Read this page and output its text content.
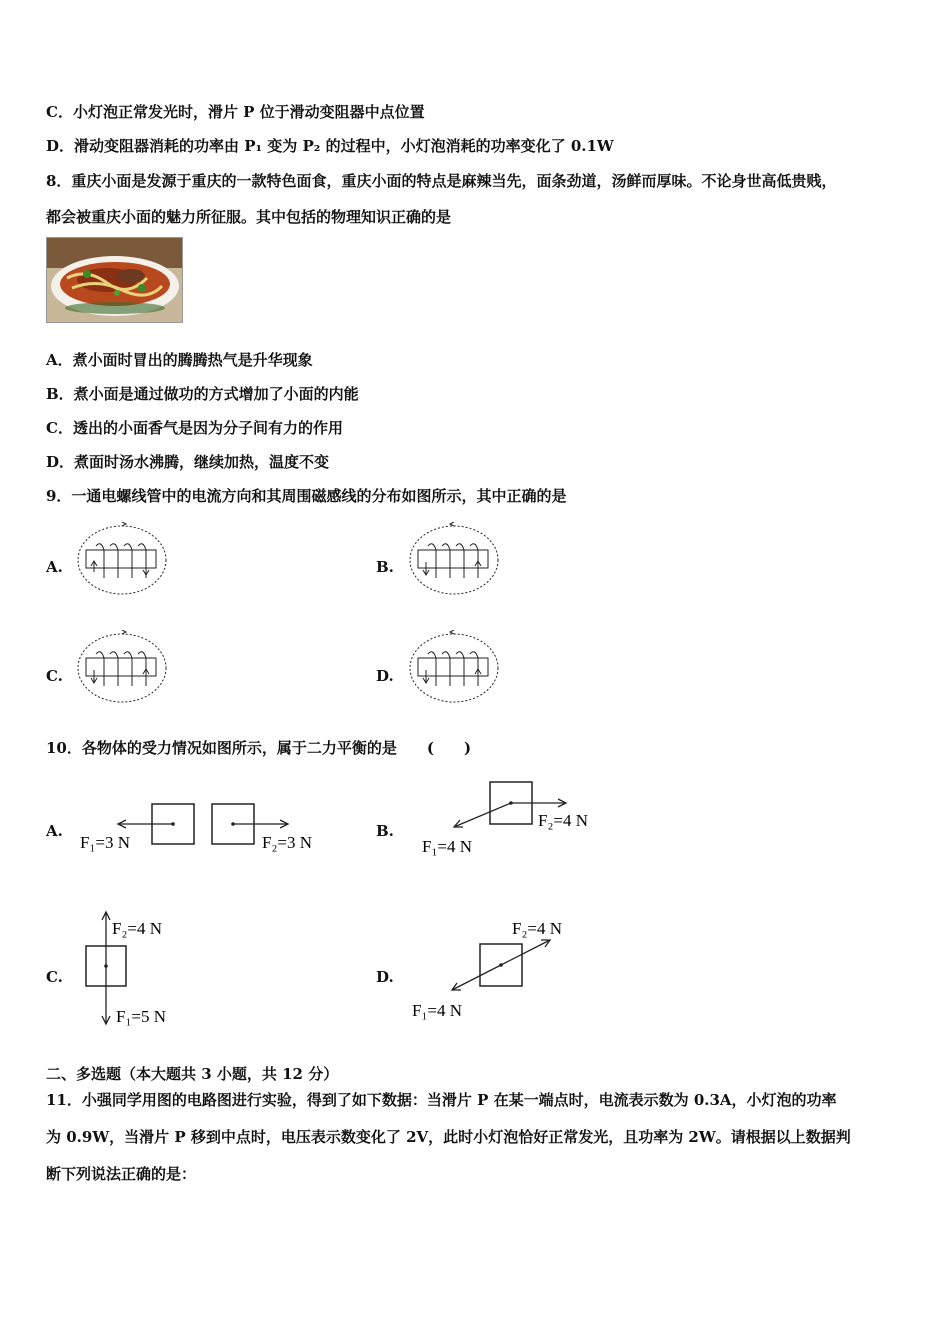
C．小灯泡正常发光时，滑片 P 位于滑动变阻器中点位置
D．滑动变阻器消耗的功率由 P₁ 变为 P₂ 的过程中，小灯泡消耗的功率变化了 0.1W
8．重庆小面是发源于重庆的一款特色面食，重庆小面的特点是麻辣当先，面条劲道，汤鲜而厚味。不论身世高低贵贱，
都会被重庆小面的魅力所征服。其中包括的物理知识正确的是
A．煮小面时冒出的腾腾热气是升华现象
B．煮小面是通过做功的方式增加了小面的内能
C．透出的小面香气是因为分子间有力的作用
D．煮面时汤水沸腾，继续加热，温度不变
9．一通电螺线管中的电流方向和其周围磁感线的分布如图所示，其中正确的是
A.	B.
C.	D.
10．各物体的受力情况如图所示，属于二力平衡的是　　(　　)
A.	B.
C.	D.
F₁=3 N	F₂=3 N
F₂=4 N
F₁=4 N
F₂=4 N
F₁=5 N
F₂=4 N
F₁=4 N
二、多选题（本大题共 3 小题，共 12 分）
11．小强同学用图的电路图进行实验，得到了如下数据：当滑片 P 在某一端点时，电流表示数为 0.3A，小灯泡的功率
为 0.9W，当滑片 P 移到中点时，电压表示数变化了 2V，此时小灯泡恰好正常发光，且功率为 2W。请根据以上数据判
断下列说法正确的是：
